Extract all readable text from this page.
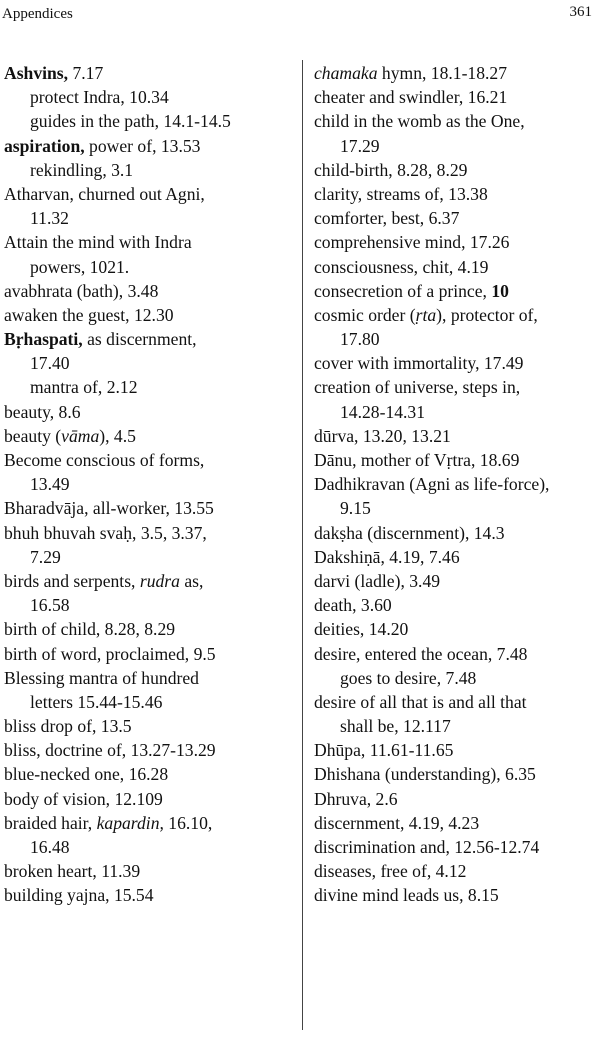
Appendices	361
Ashvins, 7.17
protect Indra, 10.34
guides in the path, 14.1-14.5
aspiration, power of, 13.53
rekindling, 3.1
Atharvan, churned out Agni,
11.32
Attain the mind with Indra
powers, 1021.
avabhrata (bath), 3.48
awaken the guest, 12.30
Bṛhaspati, as discernment,
17.40
mantra of, 2.12
beauty, 8.6
beauty (vāma), 4.5
Become conscious of forms,
13.49
Bharadvāja, all-worker, 13.55
bhuh bhuvah svaḥ, 3.5, 3.37,
7.29
birds and serpents, rudra as,
16.58
birth of child, 8.28, 8.29
birth of word, proclaimed, 9.5
Blessing mantra of hundred
letters 15.44-15.46
bliss drop of, 13.5
bliss, doctrine of, 13.27-13.29
blue-necked one, 16.28
body of vision, 12.109
braided hair, kapardin, 16.10,
16.48
broken heart, 11.39
building yajna, 15.54
chamaka hymn, 18.1-18.27
cheater and swindler, 16.21
child in the womb as the One,
17.29
child-birth, 8.28, 8.29
clarity, streams of, 13.38
comforter, best, 6.37
comprehensive mind, 17.26
consciousness, chit, 4.19
consecretion of a prince, 10
cosmic order (ṛta), protector of,
17.80
cover with immortality, 17.49
creation of universe, steps in,
14.28-14.31
dūrva, 13.20, 13.21
Dānu, mother of Vṛtra, 18.69
Dadhikravan (Agni as life-force),
9.15
dakṣha (discernment), 14.3
Dakshiṇā, 4.19, 7.46
darvi (ladle), 3.49
death, 3.60
deities, 14.20
desire, entered the ocean, 7.48
goes to desire, 7.48
desire of all that is and all that
shall be, 12.117
Dhūpa, 11.61-11.65
Dhishana (understanding), 6.35
Dhruva, 2.6
discernment, 4.19, 4.23
discrimination and, 12.56-12.74
diseases, free of, 4.12
divine mind leads us, 8.15
